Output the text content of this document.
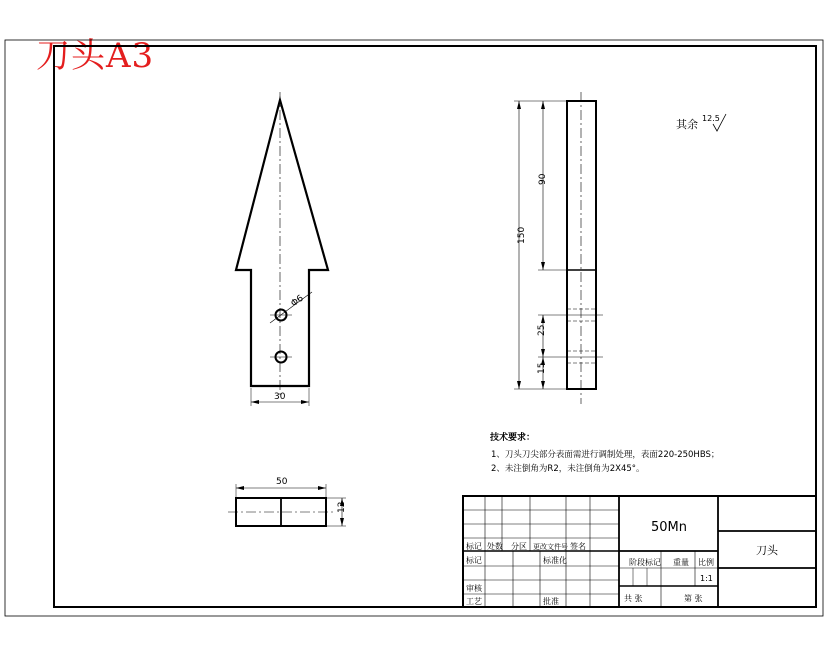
刀头A3
Φ6
30
150
90
25
15
其余 12.5
50
12
技术要求：
1、刀头刀尖部分表面需进行调制处理，表面220-250HBS；
2、未注倒角为R2，未注倒角为2X45°。
标记 处数 分区 更改文件号 签名
标记	标准化
审核
工艺	批准
50Mn
阶段标记 重量 比例
1:1
共 张	第 张
刀头
